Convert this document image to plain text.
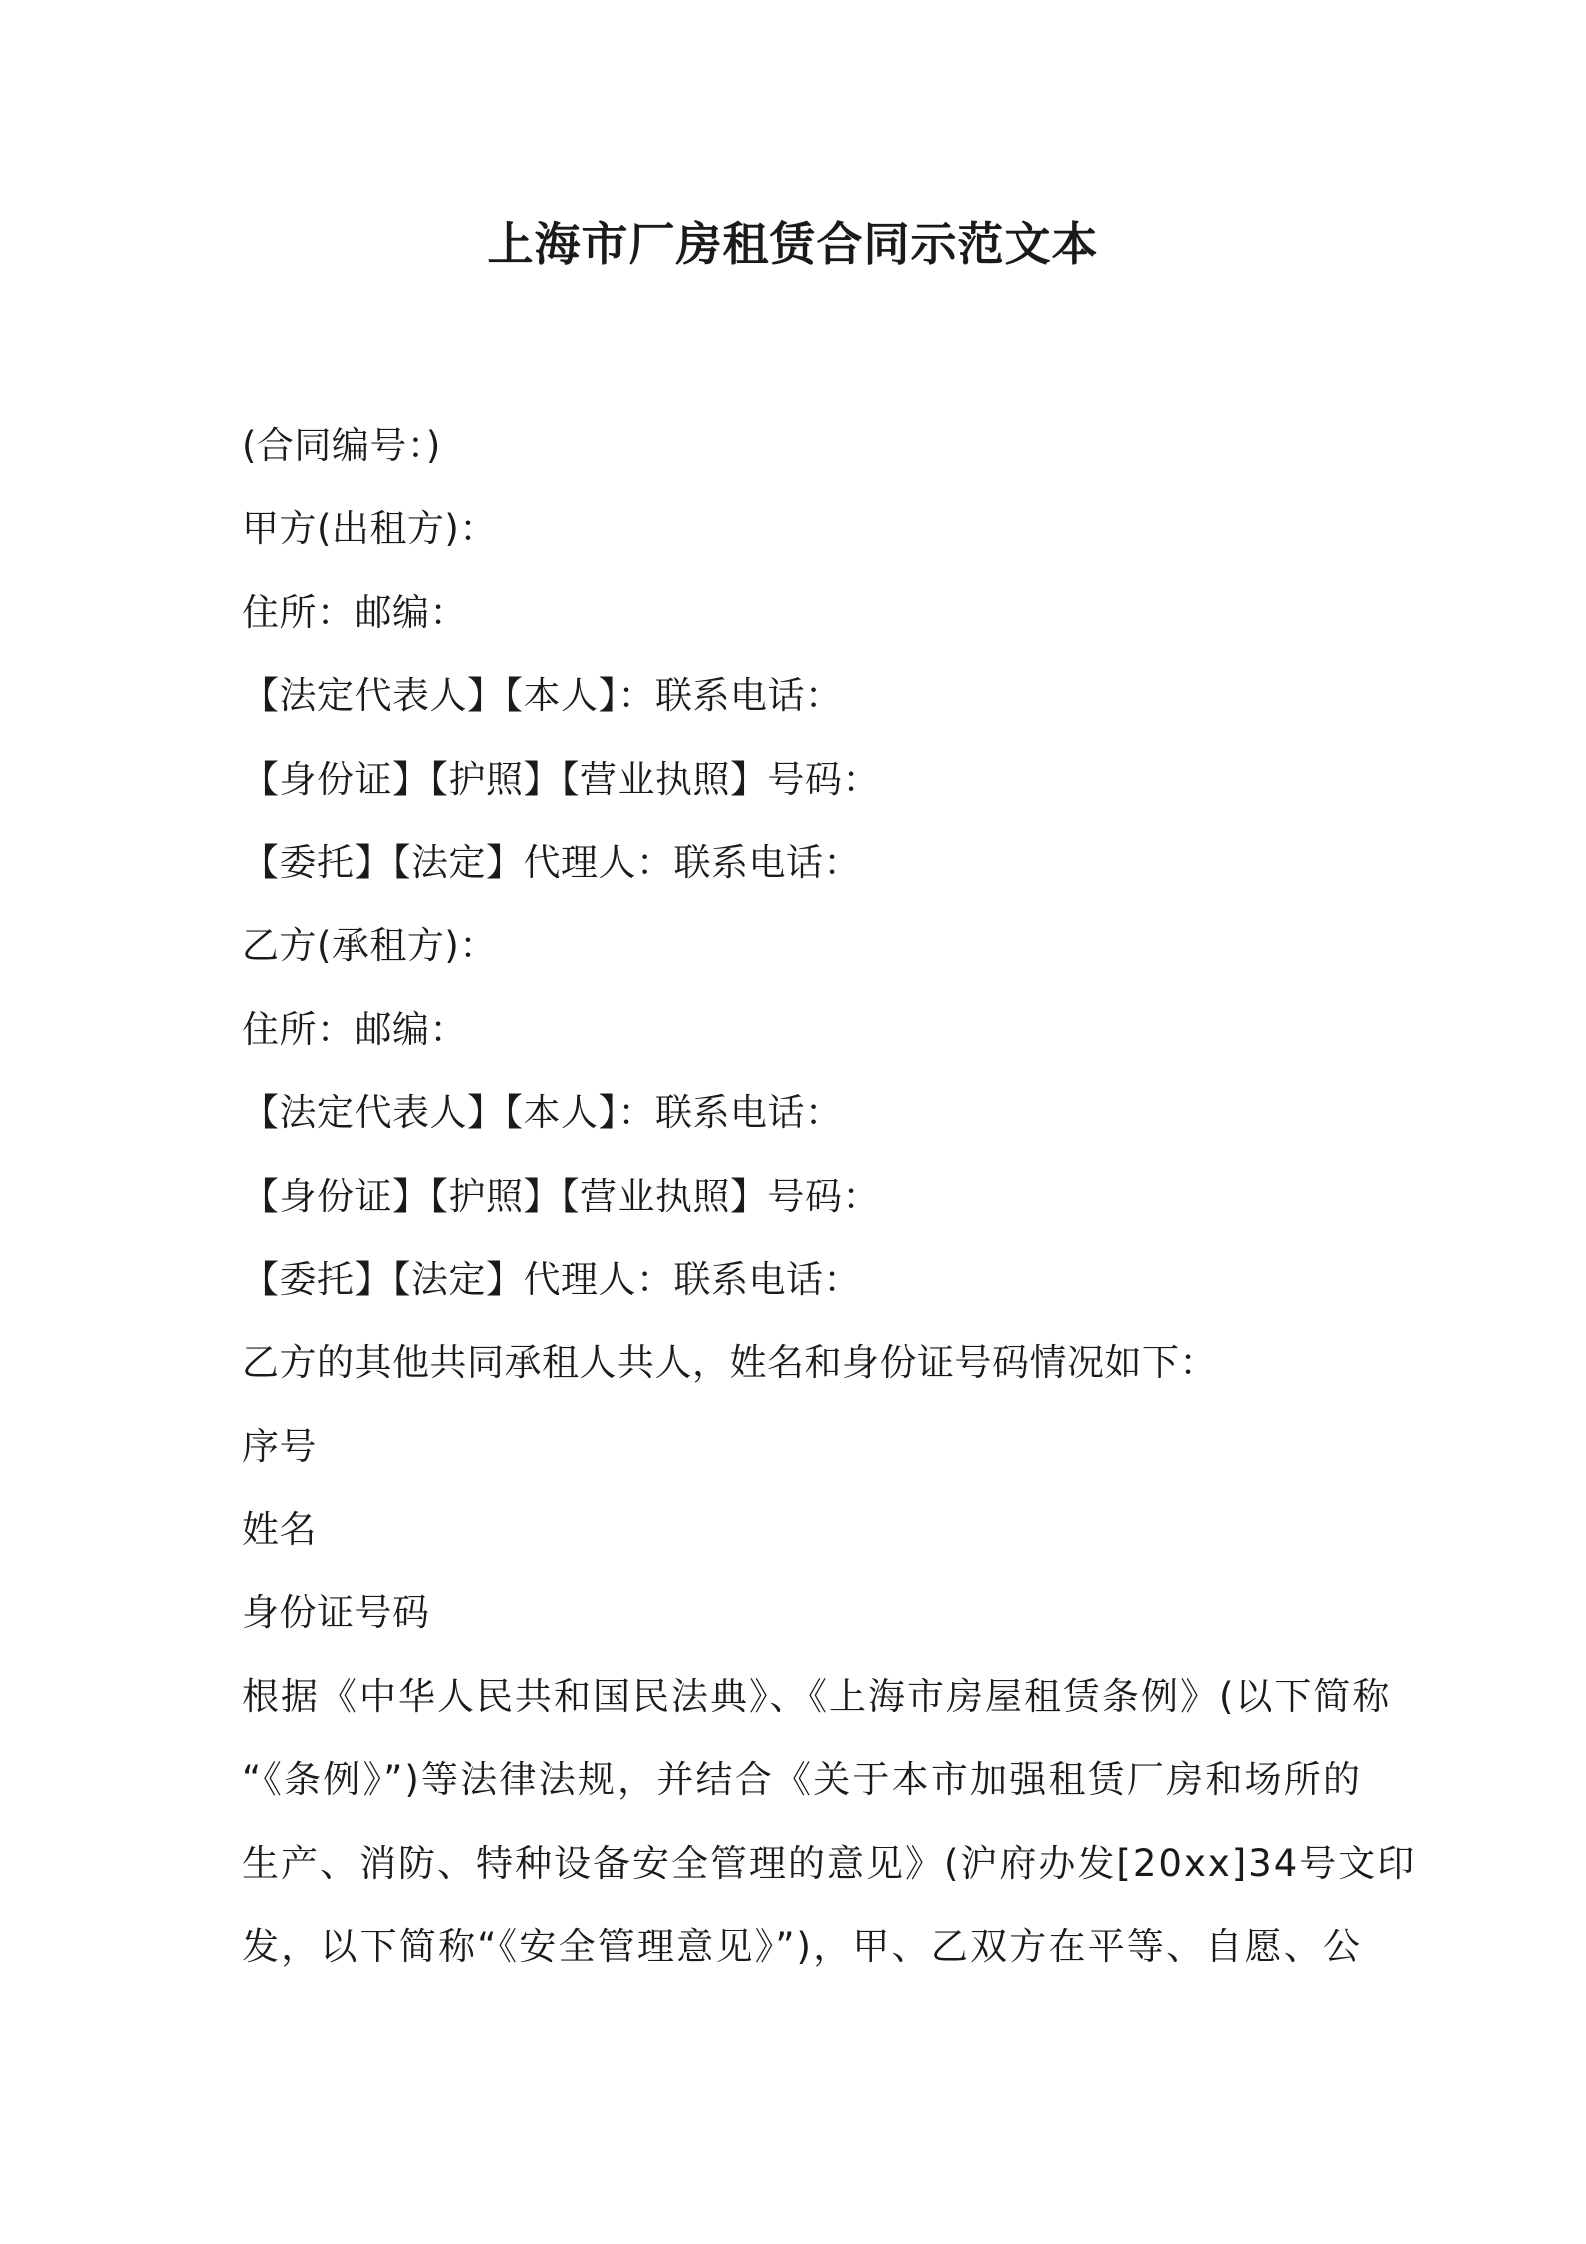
上海市厂房租赁合同示范文本
(合同编号：)
甲方(出租方)：
住所：邮编：
【法定代表人】【本人】：联系电话：
【身份证】【护照】【营业执照】号码：
【委托】【法定】代理人：联系电话：
乙方(承租方)：
住所：邮编：
【法定代表人】【本人】：联系电话：
【身份证】【护照】【营业执照】号码：
【委托】【法定】代理人：联系电话：
乙方的其他共同承租人共人，姓名和身份证号码情况如下：
序号
姓名
身份证号码
根据《中华人民共和国民法典》、《上海市房屋租赁条例》(以下简称
“《条例》”)等法律法规，并结合《关于本市加强租赁厂房和场所的
生产、消防、特种设备安全管理的意见》(沪府办发[20xx]34号文印
发，以下简称“《安全管理意见》”)，甲、乙双方在平等、自愿、公
